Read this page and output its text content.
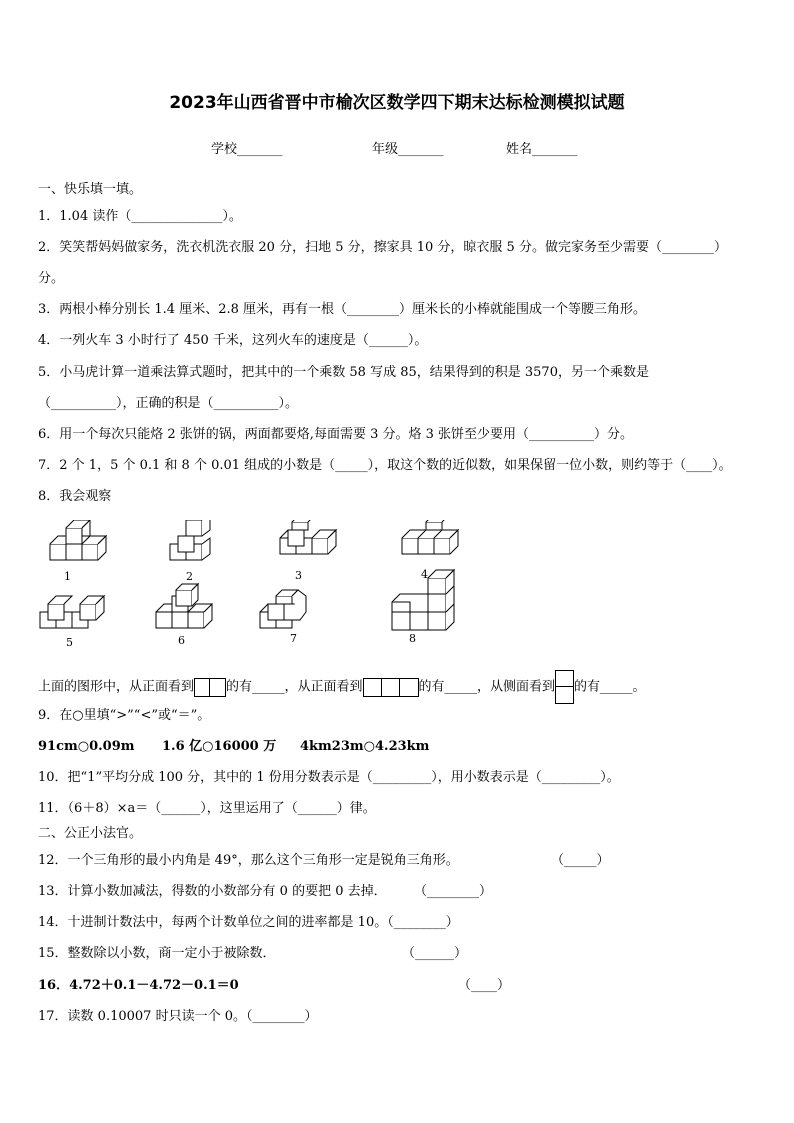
2023年山西省晋中市榆次区数学四下期末达标检测模拟试题
学校_______	年级_______	姓名_______
一、快乐填一填。
1．1.04 读作（______________）。
2．笑笑帮妈妈做家务，洗衣机洗衣服 20 分，扫地 5 分，擦家具 10 分，晾衣服 5 分。做完家务至少需要（________）
分。
3．两根小棒分别长 1.4 厘米、2.8 厘米，再有一根（________）厘米长的小棒就能围成一个等腰三角形。
4．一列火车 3 小时行了 450 千米，这列火车的速度是（______）。
5．小马虎计算一道乘法算式题时，把其中的一个乘数 58 写成 85，结果得到的积是 3570，另一个乘数是
（__________），正确的积是（__________）。
6．用一个每次只能烙 2 张饼的锅，两面都要烙,每面需要 3 分。烙 3 张饼至少要用（__________）分。
7．2 个 1，5 个 0.1 和 8 个 0.01 组成的小数是（_____），取这个数的近似数，如果保留一位小数，则约等于（____）。
8．我会观察
1	2	3	4
5	6	7	8
上面的图形中，从正面看到 的有_____，从正面看到	的有_____，从侧面看到 的有_____。
9．在○里填“>”“<”或“＝”。
91cm○0.09m 1.6 亿○16000 万 4km23m○4.23km
10．把“1”平均分成 100 分，其中的 1 份用分数表示是（_________），用小数表示是（_________）。
11．（6＋8）×a＝（______），这里运用了（______）律。
二、公正小法官。
12．一个三角形的最小内角是 49°，那么这个三角形一定是锐角三角形。	（_____）
13．计算小数加减法，得数的小数部分有 0 的要把 0 去掉． （________）
14．十进制计数法中，每两个计数单位之间的进率都是 10。（________）
15．整数除以小数，商一定小于被除数．	（______）
16．4.72＋0.1－4.72－0.1＝0	（____）
17．读数 0.10007 时只读一个 0。（________）
